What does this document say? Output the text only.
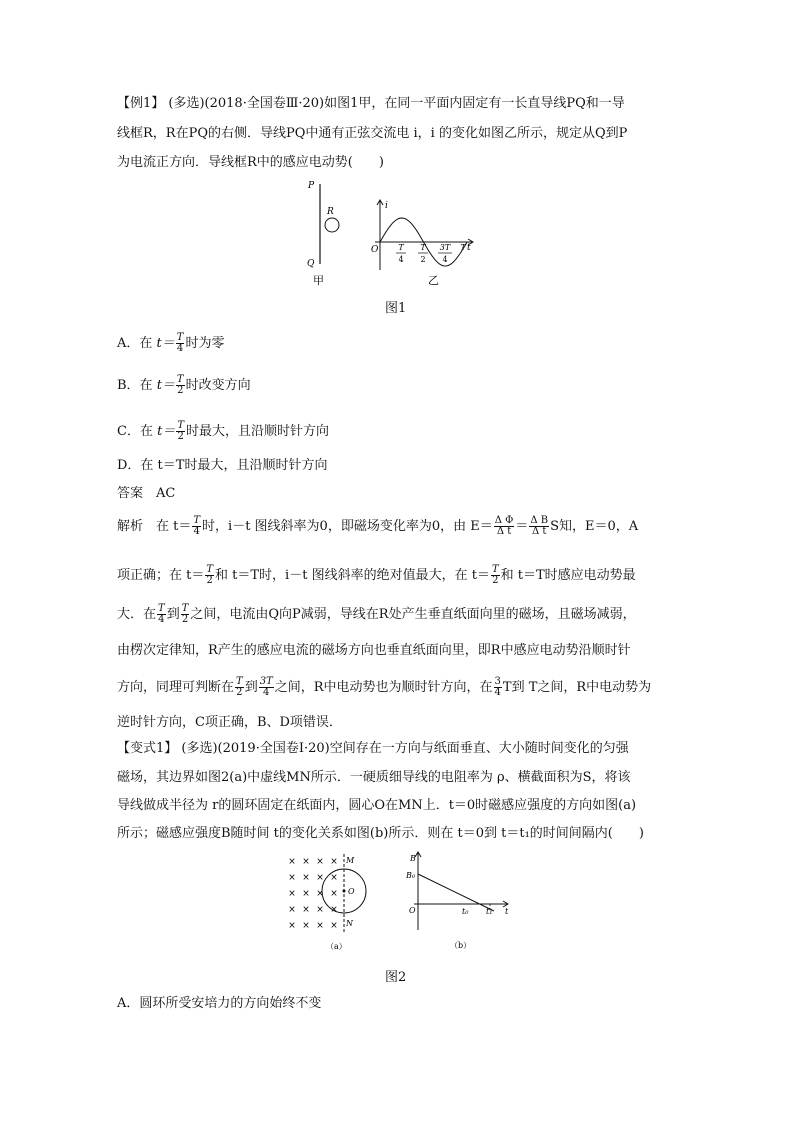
【例1】 (多选)(2018·全国卷Ⅲ·20)如图1甲，在同一平面内固定有一长直导线PQ和一导
线框R，R在PQ的右侧．导线PQ中通有正弦交流电 i，i 的变化如图乙所示，规定从Q到P
为电流正方向．导线框R中的感应电动势(　　)
P
Q
R
甲
i
t
O T
4
T
2
3T
4
T
乙
图1
A．在 $t= \frac{T}{4}$ 时为零
B．在 $t= \frac{T}{2}$ 时改变方向
C．在 $t= \frac{T}{2}$ 时最大，且沿顺时针方向
D．在 t＝T时最大，且沿顺时针方向
答案　AC
解析　在 $t= \frac{T}{4}$ 时，i－t 图线斜率为0，即磁场变化率为0，由 $E= \frac{\text{Δ Φ}}{\text{Δ t}} = \frac{\text{Δ B}}{\text{Δ t}}$ S知，E＝0，A
项正确；在 $t= \frac{T}{2}$ 和 t＝T时，i－t 图线斜率的绝对值最大，在 $t= \frac{T}{2}$ 和 t＝T时感应电动势最
大．在 $\frac{T}{4}$ 到 $\frac{T}{2}$ 之间，电流由Q向P减弱，导线在R处产生垂直纸面向里的磁场，且磁场减弱，
由楞次定律知，R产生的感应电流的磁场方向也垂直纸面向里，即R中感应电动势沿顺时针
方向，同理可判断在 $\frac{T}{2}$ 到 $\frac{3T}{4}$ 之间，R中电动势也为顺时针方向，在 $\frac{3}{4}$ T到 T之间，R中电动势为
逆时针方向，C项正确，B、D项错误．
【变式1】 (多选)(2019·全国卷Ⅰ·20)空间存在一方向与纸面垂直、大小随时间变化的匀强
磁场，其边界如图2(a)中虚线MN所示．一硬质细导线的电阻率为 ρ、横截面积为S，将该
导线做成半径为 r的圆环固定在纸面内，圆心O在MN上．t＝0时磁感应强度的方向如图(a)
所示；磁感应强度B随时间 t的变化关系如图(b)所示．则在 t＝0到 t＝t₁的时间间隔内(　　)
× × × ×
× × × ×
× × × ×
× × × ×
× × × ×
M
N
O
（a）
B
B₀
O	t₀ t₁ t
（b）
图2
A．圆环所受安培力的方向始终不变
